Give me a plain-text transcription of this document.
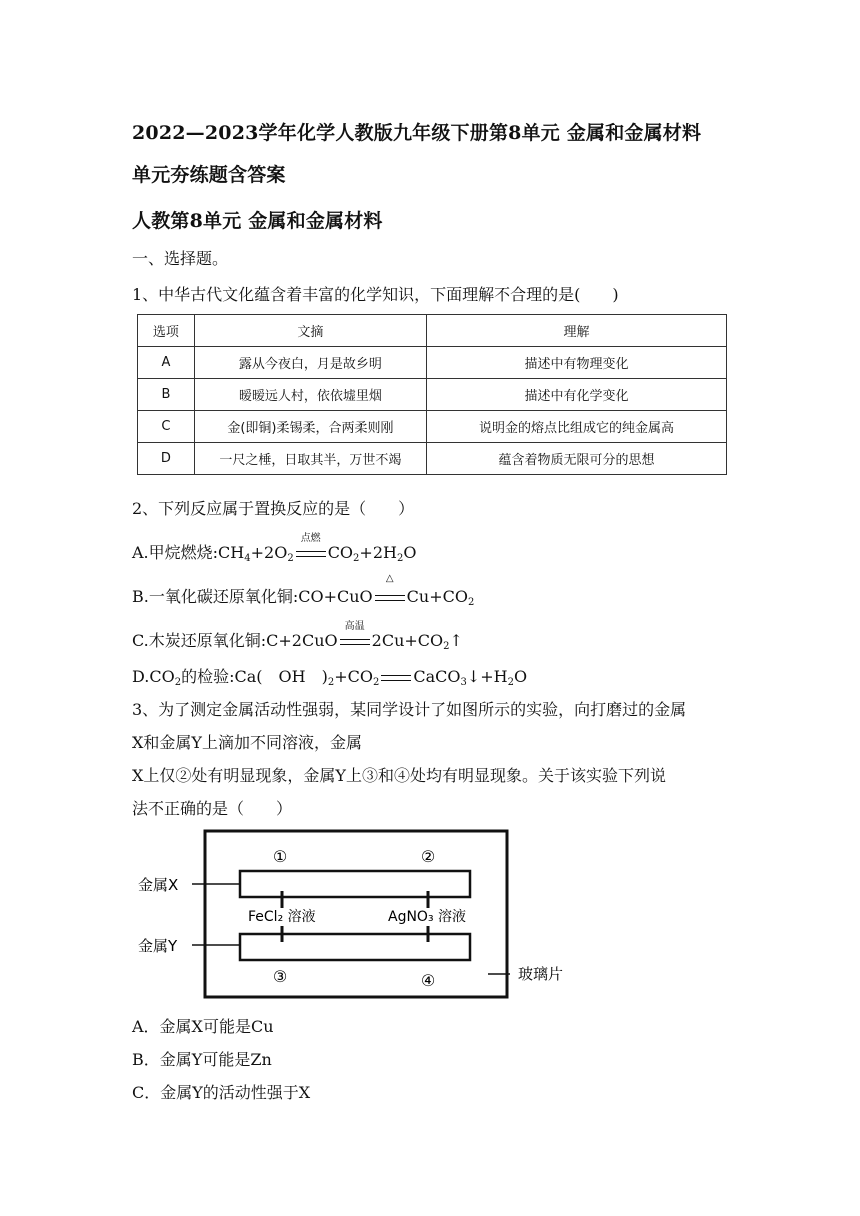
2022—2023学年化学人教版九年级下册第8单元 金属和金属材料
单元夯练题含答案
人教第8单元 金属和金属材料
一、选择题。
1、中华古代文化蕴含着丰富的化学知识，下面理解不合理的是(　　)
选项	文摘	理解
A	露从今夜白，月是故乡明	描述中有物理变化
B	暧暧远人村，依依墟里烟	描述中有化学变化
C	金(即铜)柔锡柔，合两柔则刚	说明金的熔点比组成它的纯金属高
D	一尺之棰，日取其半，万世不竭	蕴含着物质无限可分的思想
2、下列反应属于置换反应的是（　　）
A.甲烷燃烧$:CH_4+2O_2$
点燃
$CO_2+2H_2O$
B.一氧化碳还原氧化铜:CO+CuO
△
$Cu+CO_2$
C.木炭还原氧化铜:C+2CuO
高温
$2Cu+CO_2↑$
$D.CO_2$的检验:Ca(　OH　)$_2+CO_2$ $CaCO_3↓+H_2O$
3、为了测定金属活动性强弱，某同学设计了如图所示的实验，向打磨过的金属
X和金属Y上滴加不同溶液，金属
X上仅②处有明显现象，金属Y上③和④处均有明显现象。关于该实验下列说
法不正确的是（　　）
金属X
金属Y
①	②
③	④
FeCl₂ 溶液	AgNO₃ 溶液
玻璃片
A．金属X可能是Cu
B．金属Y可能是Zn
C．金属Y的活动性强于X
